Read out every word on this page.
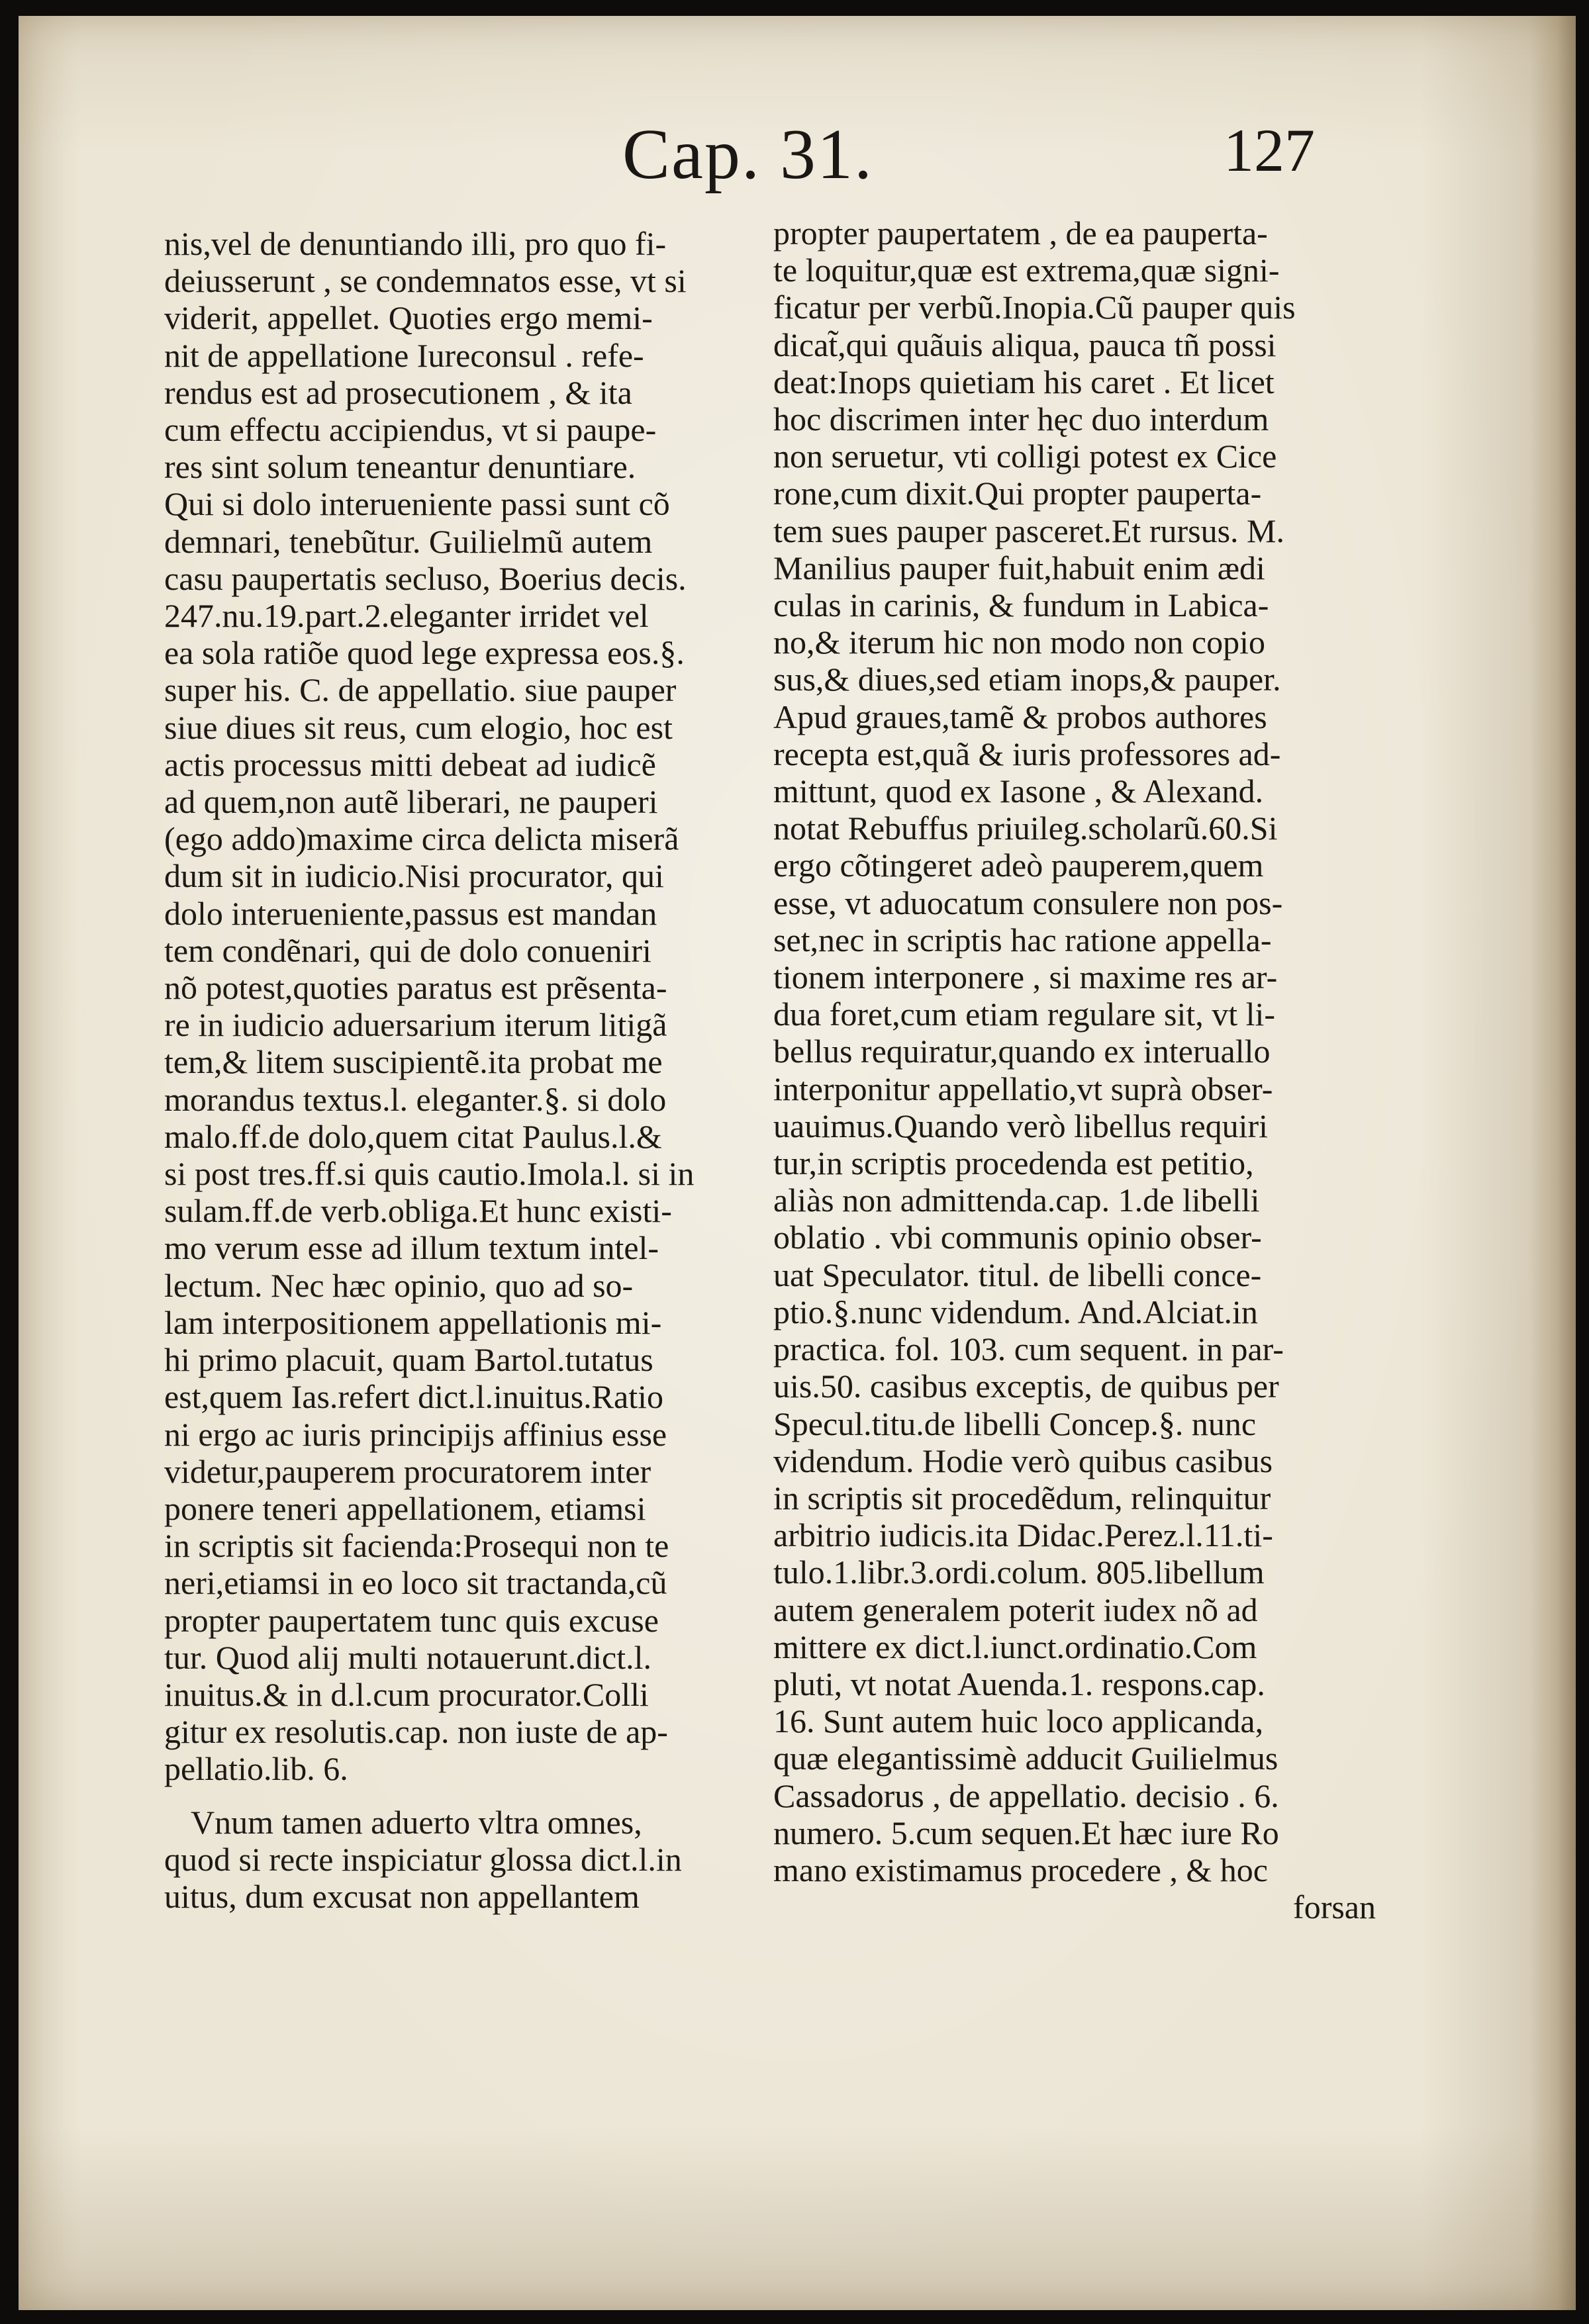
Cap. 31.	127
nis,vel de denuntiando illi, pro quo fi-
deiusserunt , se condemnatos esse, vt si
viderit, appellet. Quoties ergo memi-
nit de appellatione Iureconsul . refe-
rendus est ad prosecutionem , & ita
cum effectu accipiendus, vt si paupe-
res sint solum teneantur denuntiare.
Qui si dolo interueniente passi sunt cõ
demnari, tenebũtur. Guilielmũ autem
casu paupertatis secluso, Boerius decis.
247.nu.19.part.2.eleganter irridet vel
ea sola ratiõe quod lege expressa eos.§.
super his. C. de appellatio. siue pauper
siue diues sit reus, cum elogio, hoc est
actis processus mitti debeat ad iudicẽ
ad quem,non autẽ liberari, ne pauperi
(ego addo)maxime circa delicta miserã
dum sit in iudicio.Nisi procurator, qui
dolo interueniente,passus est mandan
tem condẽnari, qui de dolo conueniri
nõ potest,quoties paratus est prẽsenta-
re in iudicio aduersarium iterum litigã
tem,& litem suscipientẽ.ita probat me
morandus textus.l. eleganter.§. si dolo
malo.ff.de dolo,quem citat Paulus.l.&
si post tres.ff.si quis cautio.Imola.l. si in
sulam.ff.de verb.obliga.Et hunc existi-
mo verum esse ad illum textum intel-
lectum. Nec hæc opinio, quo ad so-
lam interpositionem appellationis mi-
hi primo placuit, quam Bartol.tutatus
est,quem Ias.refert dict.l.inuitus.Ratio
ni ergo ac iuris principijs affinius esse
videtur,pauperem procuratorem inter
ponere teneri appellationem, etiamsi
in scriptis sit facienda:Prosequi non te
neri,etiamsi in eo loco sit tractanda,cũ
propter paupertatem tunc quis excuse
tur. Quod alij multi notauerunt.dict.l.
inuitus.& in d.l.cum procurator.Colli
gitur ex resolutis.cap. non iuste de ap-
pellatio.lib. 6.
Vnum tamen aduerto vltra omnes,
quod si recte inspiciatur glossa dict.l.in
uitus, dum excusat non appellantem
propter paupertatem , de ea pauperta-
te loquitur,quæ est extrema,quæ signi-
ficatur per verbũ.Inopia.Cũ pauper quis
dicat̃,qui quãuis aliqua, pauca tñ possi
deat:Inops quietiam his caret . Et licet
hoc discrimen inter hęc duo interdum
non seruetur, vti colligi potest ex Cice
rone,cum dixit.Qui propter pauperta-
tem sues pauper pasceret.Et rursus. M.
Manilius pauper fuit,habuit enim ædi
culas in carinis, & fundum in Labica-
no,& iterum hic non modo non copio
sus,& diues,sed etiam inops,& pauper.
Apud graues,tamẽ & probos authores
recepta est,quã & iuris professores ad-
mittunt, quod ex Iasone , & Alexand.
notat Rebuffus priuileg.scholarũ.60.Si
ergo cõtingeret adeò pauperem,quem
esse, vt aduocatum consulere non pos-
set,nec in scriptis hac ratione appella-
tionem interponere , si maxime res ar-
dua foret,cum etiam regulare sit, vt li-
bellus requiratur,quando ex interuallo
interponitur appellatio,vt suprà obser-
uauimus.Quando verò libellus requiri
tur,in scriptis procedenda est petitio,
aliàs non admittenda.cap. 1.de libelli
oblatio . vbi communis opinio obser-
uat Speculator. titul. de libelli conce-
ptio.§.nunc videndum. And.Alciat.in
practica. fol. 103. cum sequent. in par-
uis.50. casibus exceptis, de quibus per
Specul.titu.de libelli Concep.§. nunc
videndum. Hodie verò quibus casibus
in scriptis sit procedẽdum, relinquitur
arbitrio iudicis.ita Didac.Perez.l.11.ti-
tulo.1.libr.3.ordi.colum. 805.libellum
autem generalem poterit iudex nõ ad
mittere ex dict.l.iunct.ordinatio.Com
pluti, vt notat Auenda.1. respons.cap.
16. Sunt autem huic loco applicanda,
quæ elegantissimè adducit Guilielmus
Cassadorus , de appellatio. decisio . 6.
numero. 5.cum sequen.Et hæc iure Ro
mano existimamus procedere , & hoc
forsan
